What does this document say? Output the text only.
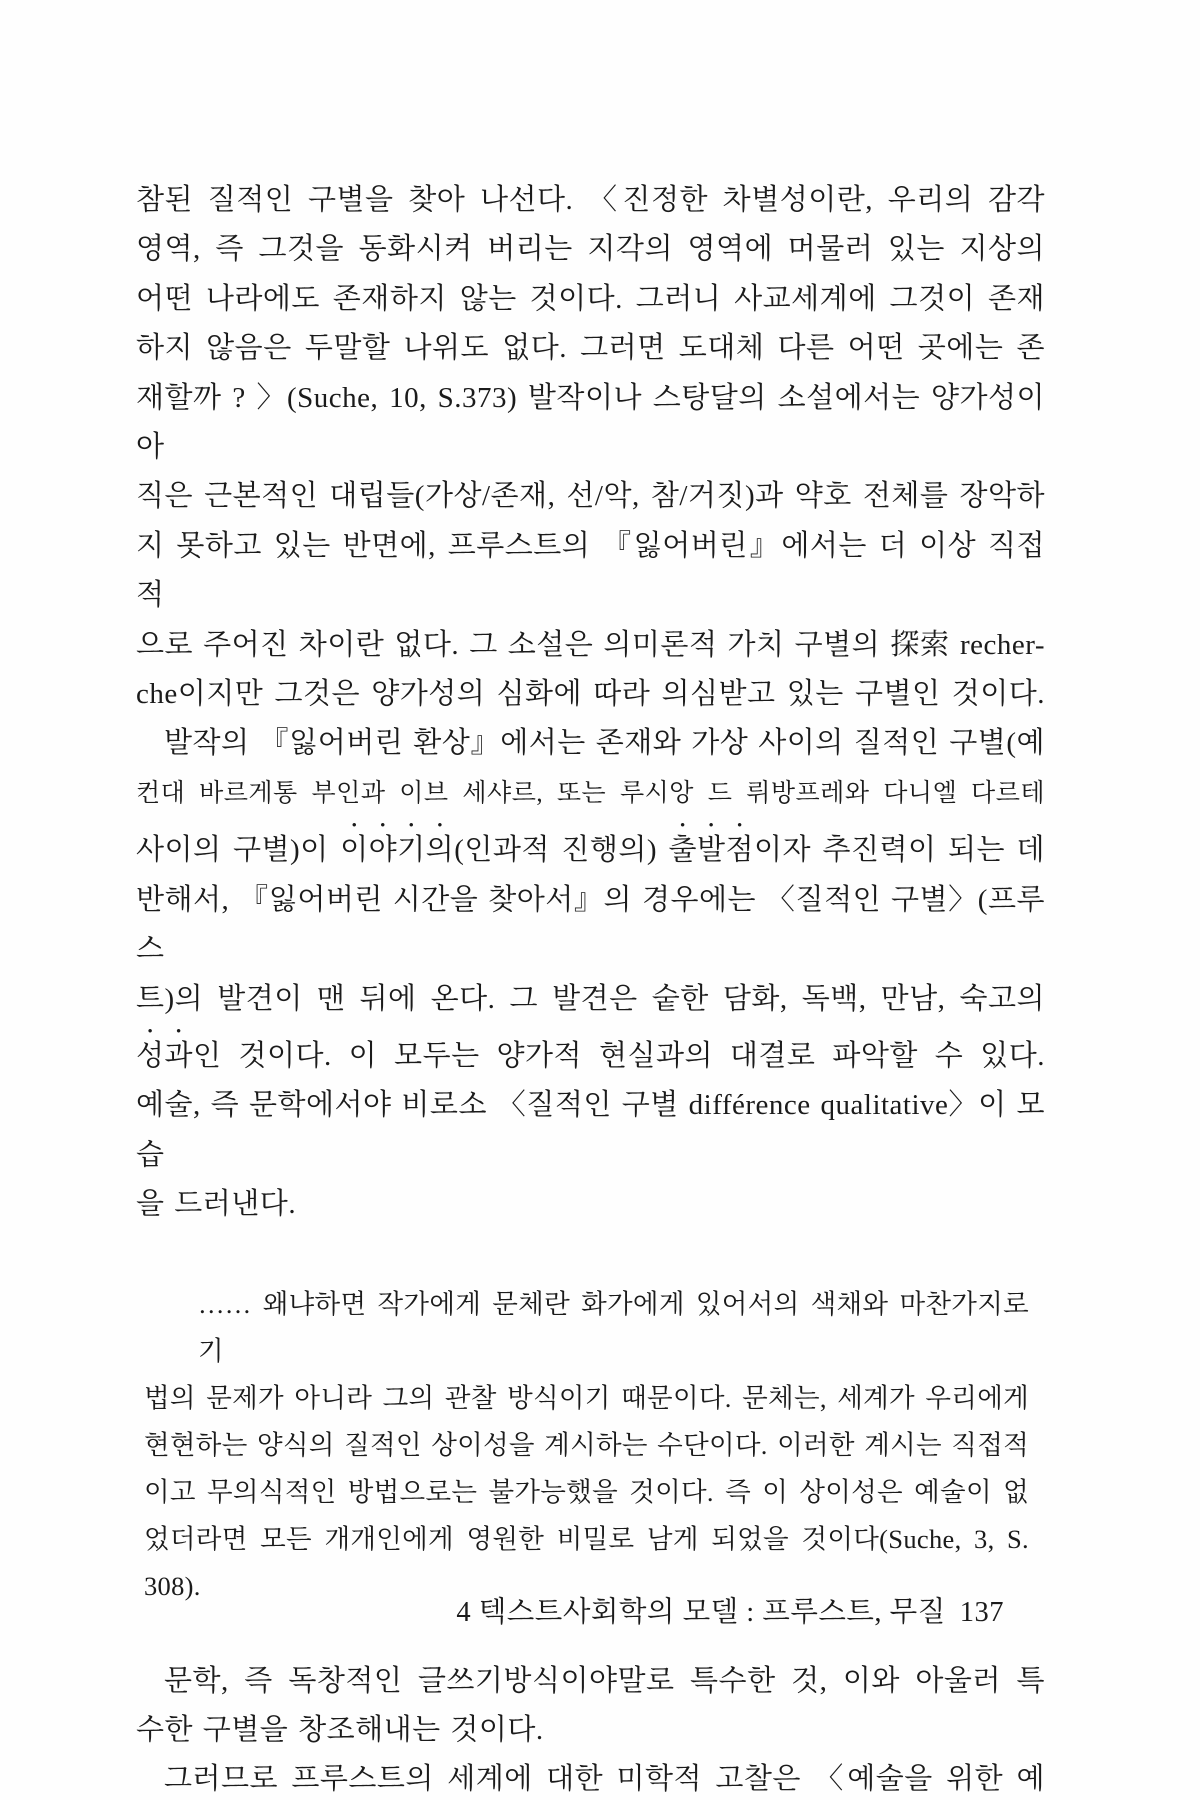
참된 질적인 구별을 찾아 나선다. 〈진정한 차별성이란, 우리의 감각
영역, 즉 그것을 동화시켜 버리는 지각의 영역에 머물러 있는 지상의
어떤 나라에도 존재하지 않는 것이다. 그러니 사교세계에 그것이 존재
하지 않음은 두말할 나위도 없다. 그러면 도대체 다른 어떤 곳에는 존
재할까 ? 〉(Suche, 10, S.373) 발작이나 스탕달의 소설에서는 양가성이 아
직은 근본적인 대립들(가상/존재, 선/악, 참/거짓)과 약호 전체를 장악하
지 못하고 있는 반면에, 프루스트의 『잃어버린』에서는 더 이상 직접적
으로 주어진 차이란 없다. 그 소설은 의미론적 가치 구별의 探索 recher-
che이지만 그것은 양가성의 심화에 따라 의심받고 있는 구별인 것이다.
발작의 『잃어버린 환상』에서는 존재와 가상 사이의 질적인 구별(예
컨대 바르게통 부인과 이브 세샤르, 또는 루시앙 드 뤼방프레와 다니엘 다르테
사이의 구별)이 이야기의(인과적 진행의) 출발점이자 추진력이 되는 데
반해서, 『잃어버린 시간을 찾아서』의 경우에는 〈질적인 구별〉(프루스
트)의 발견이 맨 뒤에 온다. 그 발견은 숱한 담화, 독백, 만남, 숙고의
성과인 것이다. 이 모두는 양가적 현실과의 대결로 파악할 수 있다.
예술, 즉 문학에서야 비로소 〈질적인 구별 différence qualitative〉이 모습
을 드러낸다.
…… 왜냐하면 작가에게 문체란 화가에게 있어서의 색채와 마찬가지로 기
법의 문제가 아니라 그의 관찰 방식이기 때문이다. 문체는, 세계가 우리에게
현현하는 양식의 질적인 상이성을 계시하는 수단이다. 이러한 계시는 직접적
이고 무의식적인 방법으로는 불가능했을 것이다. 즉 이 상이성은 예술이 없
었더라면 모든 개개인에게 영원한 비밀로 남게 되었을 것이다(Suche, 3, S.
308).
문학, 즉 독창적인 글쓰기방식이야말로 특수한 것, 이와 아울러 특
수한 구별을 창조해내는 것이다.
그러므로 프루스트의 세계에 대한 미학적 고찰은 〈예술을 위한 예
4 텍스트사회학의 모델 : 프루스트, 무질 137
